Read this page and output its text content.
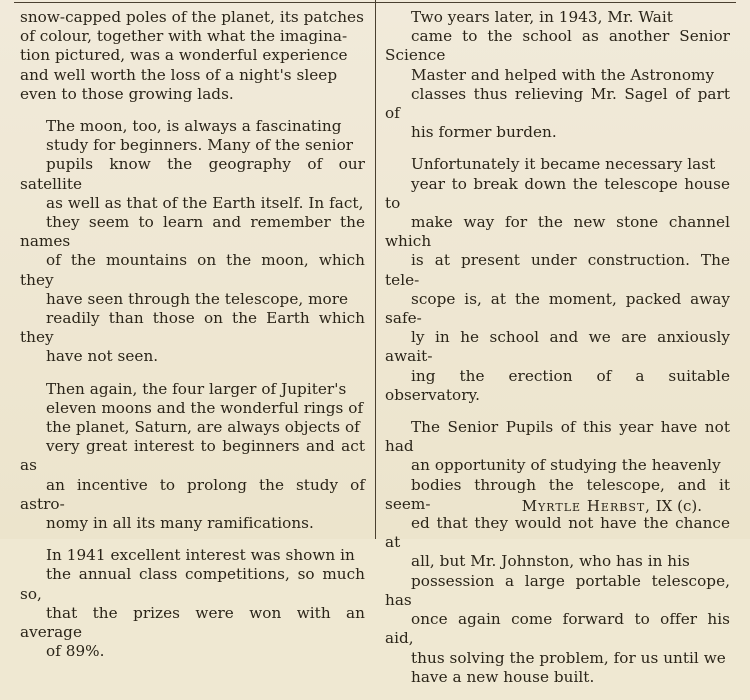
snow-capped poles of the planet, its patches
of colour, together with what the imagina-
tion pictured, was a wonderful experience
and well worth the loss of a night's sleep
even to those growing lads.

The moon, too, is always a fascinating
study for beginners. Many of the senior
pupils know the geography of our satellite
as well as that of the Earth itself. In fact,
they seem to learn and remember the names
of the mountains on the moon, which they
have seen through the telescope, more
readily than those on the Earth which they
have not seen.

Then again, the four larger of Jupiter's
eleven moons and the wonderful rings of
the planet, Saturn, are always objects of
very great interest to beginners and act as
an incentive to prolong the study of astro-
nomy in all its many ramifications.

In 1941 excellent interest was shown in
the annual class competitions, so much so,
that the prizes were won with an average
of 89%.

Two years later, in 1943, Mr. Wait
came to the school as another Senior Science
Master and helped with the Astronomy
classes thus relieving Mr. Sagel of part of
his former burden.

Unfortunately it became necessary last
year to break down the telescope house to
make way for the new stone channel which
is at present under construction. The tele-
scope is, at the moment, packed away safe-
ly in he school and we are anxiously await-
ing the erection of a suitable observatory.

The Senior Pupils of this year have not had
an opportunity of studying the heavenly
bodies through the telescope, and it seem-
ed that they would not have the chance at
all, but Mr. Johnston, who has in his
possession a large portable telescope, has
once again come forward to offer his aid,
thus solving the problem, for us until we
have a new house built.

Myrtle Herbst, IX (c).
